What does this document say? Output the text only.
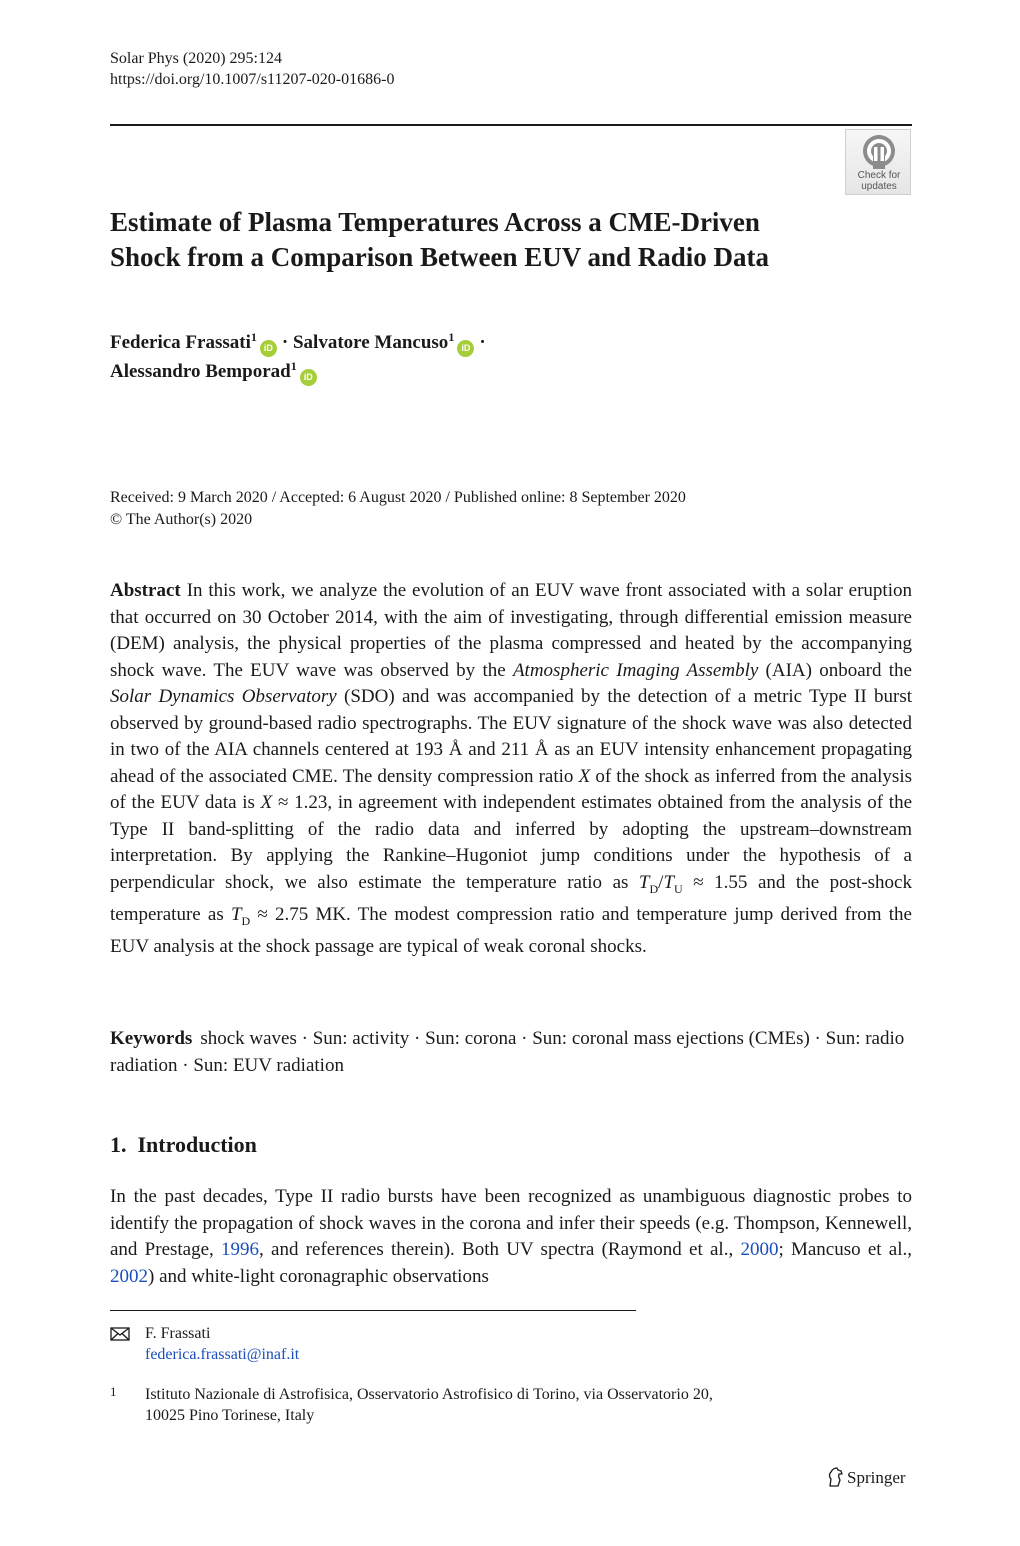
Solar Phys (2020) 295:124
https://doi.org/10.1007/s11207-020-01686-0
Check for
updates
Estimate of Plasma Temperatures Across a CME-Driven
Shock from a Comparison Between EUV and Radio Data
Federica Frassati$^1$iD · Salvatore Mancuso$^1$iD ·
Alessandro Bemporad$^1$iD
Received: 9 March 2020 / Accepted: 6 August 2020 / Published online: 8 September 2020
© The Author(s) 2020

Abstract In this work, we analyze the evolution of an EUV wave front associated with a solar eruption that occurred on 30 October 2014, with the aim of investigating, through differential emission measure (DEM) analysis, the physical properties of the plasma compressed and heated by the accompanying shock wave. The EUV wave was observed by the Atmospheric Imaging Assembly (AIA) onboard the Solar Dynamics Observatory (SDO) and was accompanied by the detection of a metric Type II burst observed by ground-based radio spectrographs. The EUV signature of the shock wave was also detected in two of the AIA channels centered at 193 Å and 211 Å as an EUV intensity enhancement propagating ahead of the associated CME. The density compression ratio X of the shock as inferred from the analysis of the EUV data is X ≈ 1.23, in agreement with independent estimates obtained from the analysis of the Type II band-splitting of the radio data and inferred by adopting the upstream–downstream interpretation. By applying the Rankine–Hugoniot jump conditions under the hypothesis of a perpendicular shock, we also estimate the temperature ratio as $T_D/T_U \approx 1.55$ and the post-shock temperature as $T_D \approx 2.75$ MK. The modest compression ratio and temperature jump derived from the EUV analysis at the shock passage are typical of weak coronal shocks.

Keywords shock waves · Sun: activity · Sun: corona · Sun: coronal mass ejections (CMEs) · Sun: radio radiation · Sun: EUV radiation

1. Introduction

In the past decades, Type II radio bursts have been recognized as unambiguous diagnostic probes to identify the propagation of shock waves in the corona and infer their speeds (e.g. Thompson, Kennewell, and Prestage, 1996, and references therein). Both UV spectra (Raymond et al., 2000; Mancuso et al., 2002) and white-light coronagraphic observations

F. Frassati
federica.frassati@inaf.it
1 Istituto Nazionale di Astrofisica, Osservatorio Astrofisico di Torino, via Osservatorio 20,
10025 Pino Torinese, Italy
Springer
